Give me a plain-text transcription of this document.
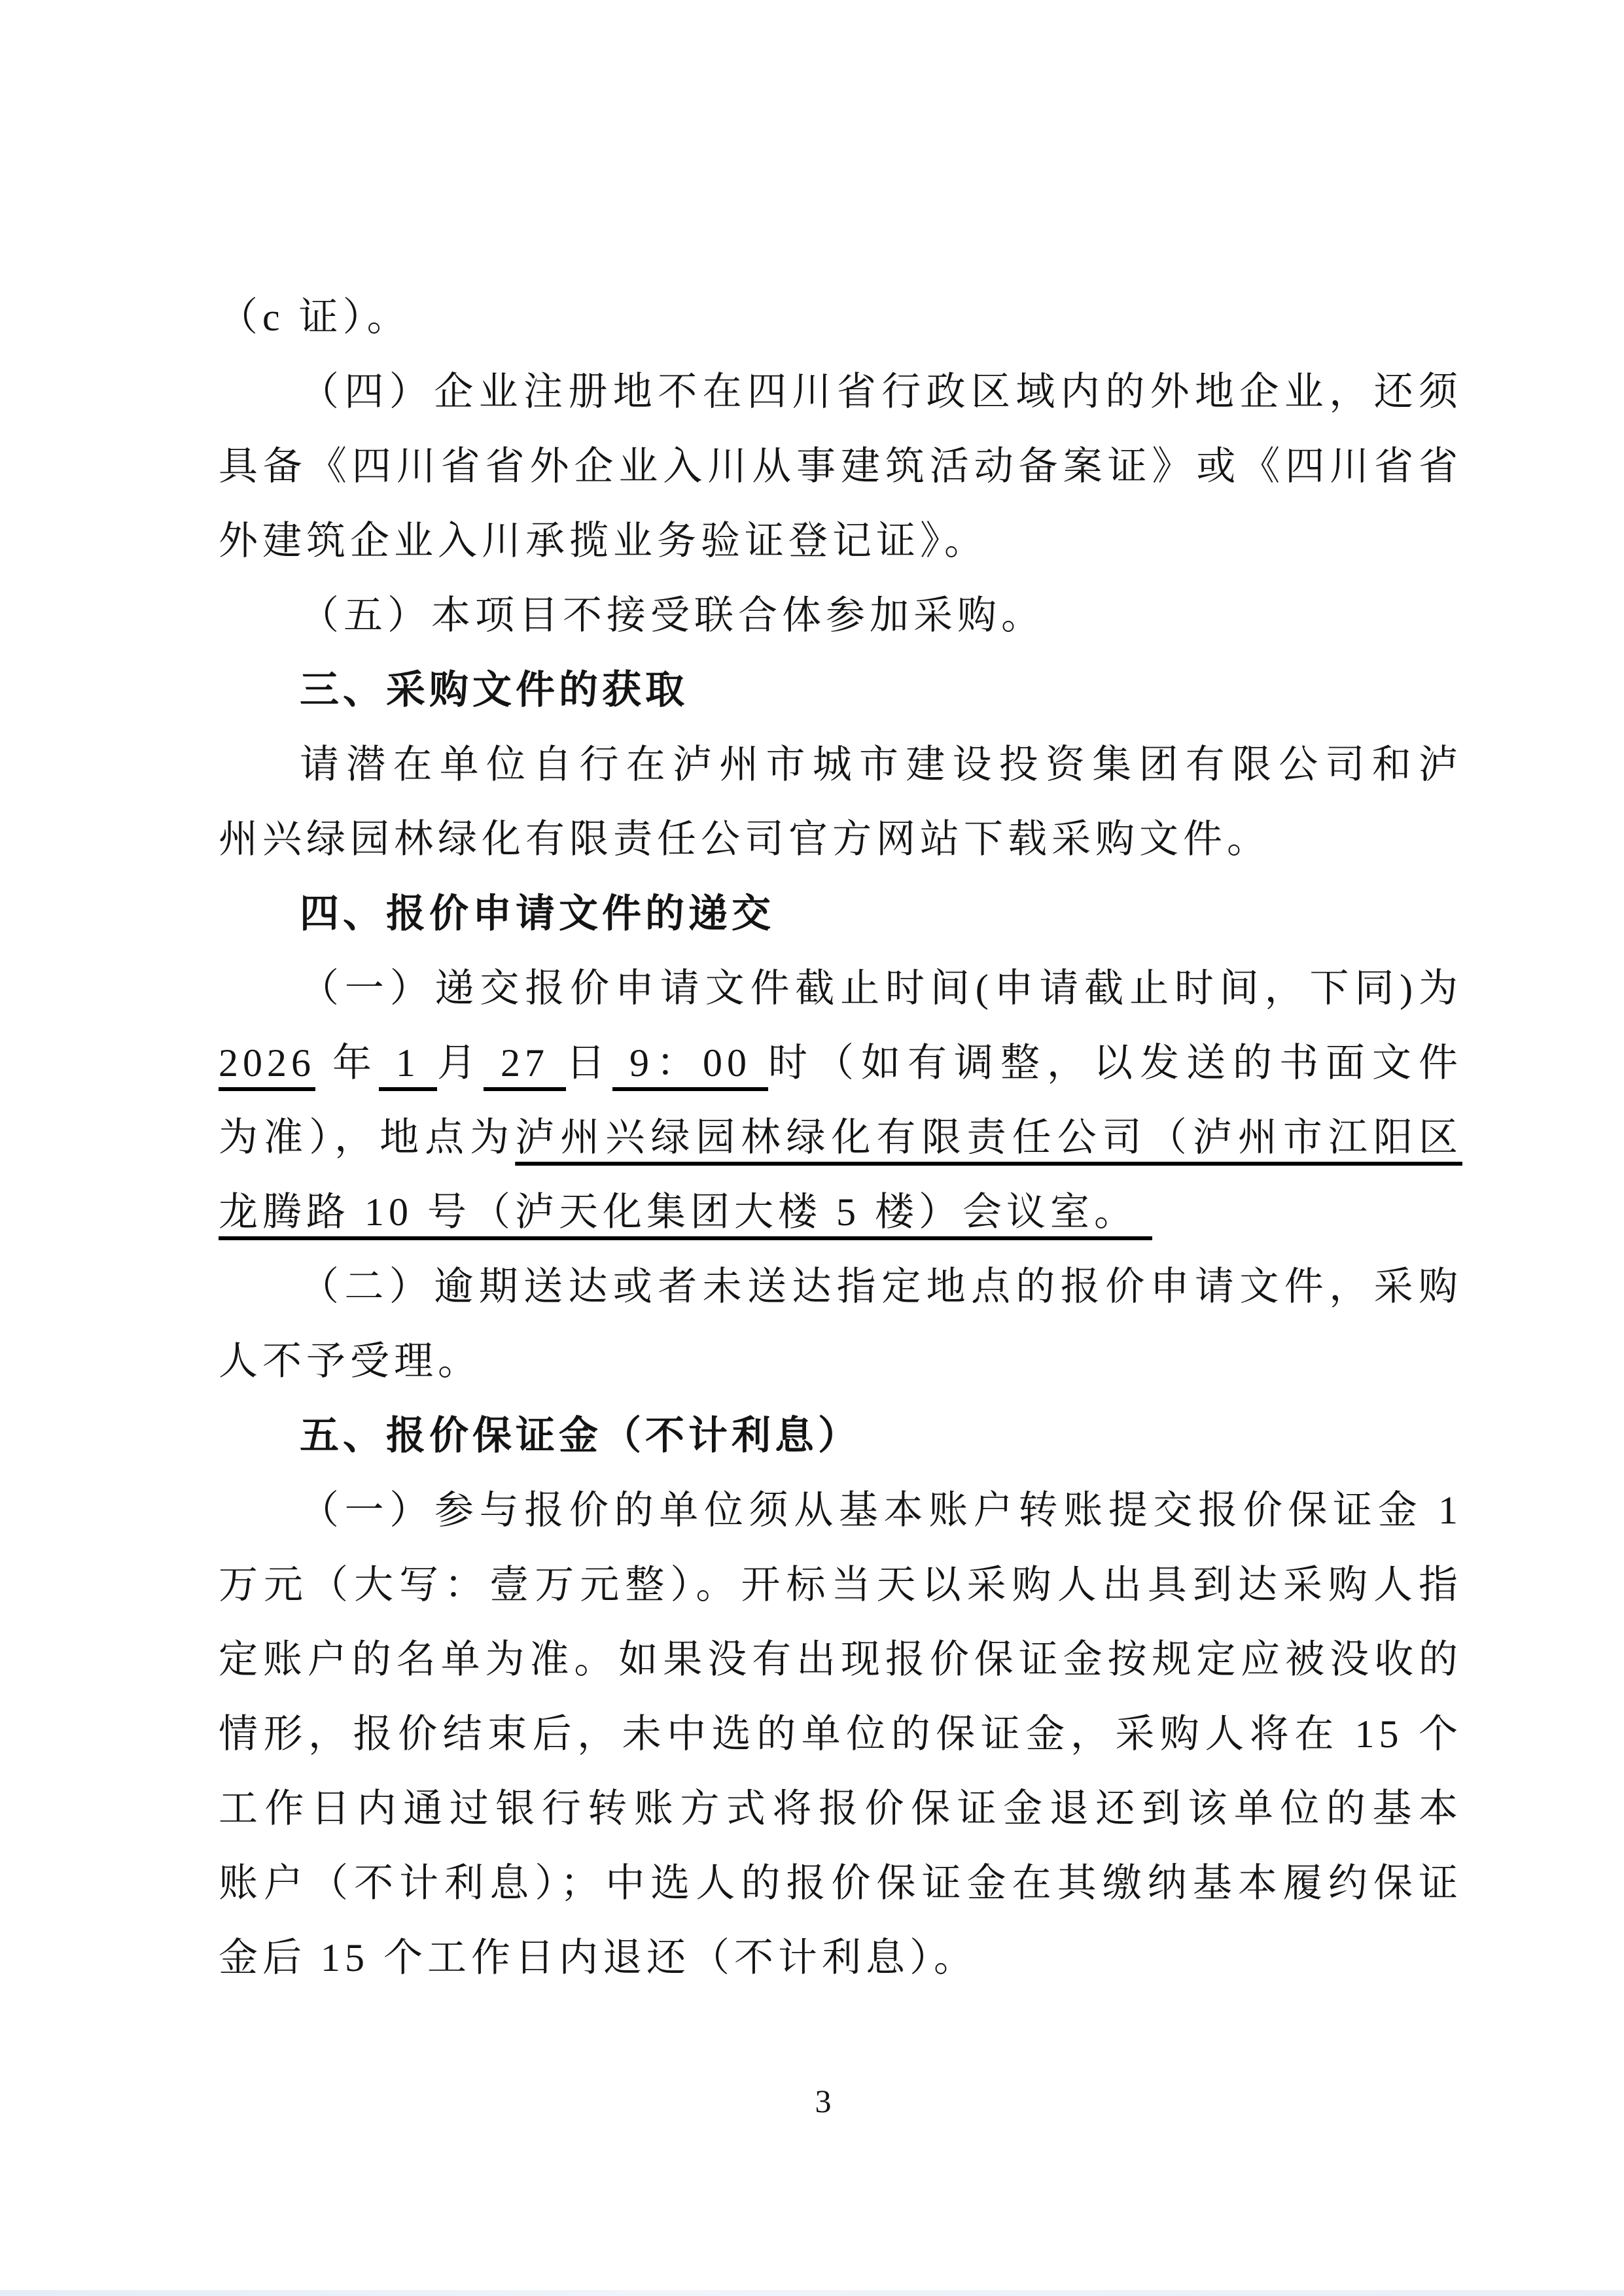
（c 证）。
（四）企业注册地不在四川省行政区域内的外地企业，还须
具备《四川省省外企业入川从事建筑活动备案证》或《四川省省
外建筑企业入川承揽业务验证登记证》。
（五）本项目不接受联合体参加采购。
三、采购文件的获取
请潜在单位自行在泸州市城市建设投资集团有限公司和泸
州兴绿园林绿化有限责任公司官方网站下载采购文件。
四、报价申请文件的递交
（一）递交报价申请文件截止时间(申请截止时间，下同)为
2026 年 1 月 27 日 9：00 时（如有调整，以发送的书面文件
为准），地点为泸州兴绿园林绿化有限责任公司（泸州市江阳区
龙腾路 10 号（泸天化集团大楼 5 楼）会议室。
（二）逾期送达或者未送达指定地点的报价申请文件，采购
人不予受理。
五、报价保证金（不计利息）
（一）参与报价的单位须从基本账户转账提交报价保证金 1
万元（大写：壹万元整）。开标当天以采购人出具到达采购人指
定账户的名单为准。如果没有出现报价保证金按规定应被没收的
情形，报价结束后，未中选的单位的保证金，采购人将在 15 个
工作日内通过银行转账方式将报价保证金退还到该单位的基本
账户（不计利息）；中选人的报价保证金在其缴纳基本履约保证
金后 15 个工作日内退还（不计利息）。
3
